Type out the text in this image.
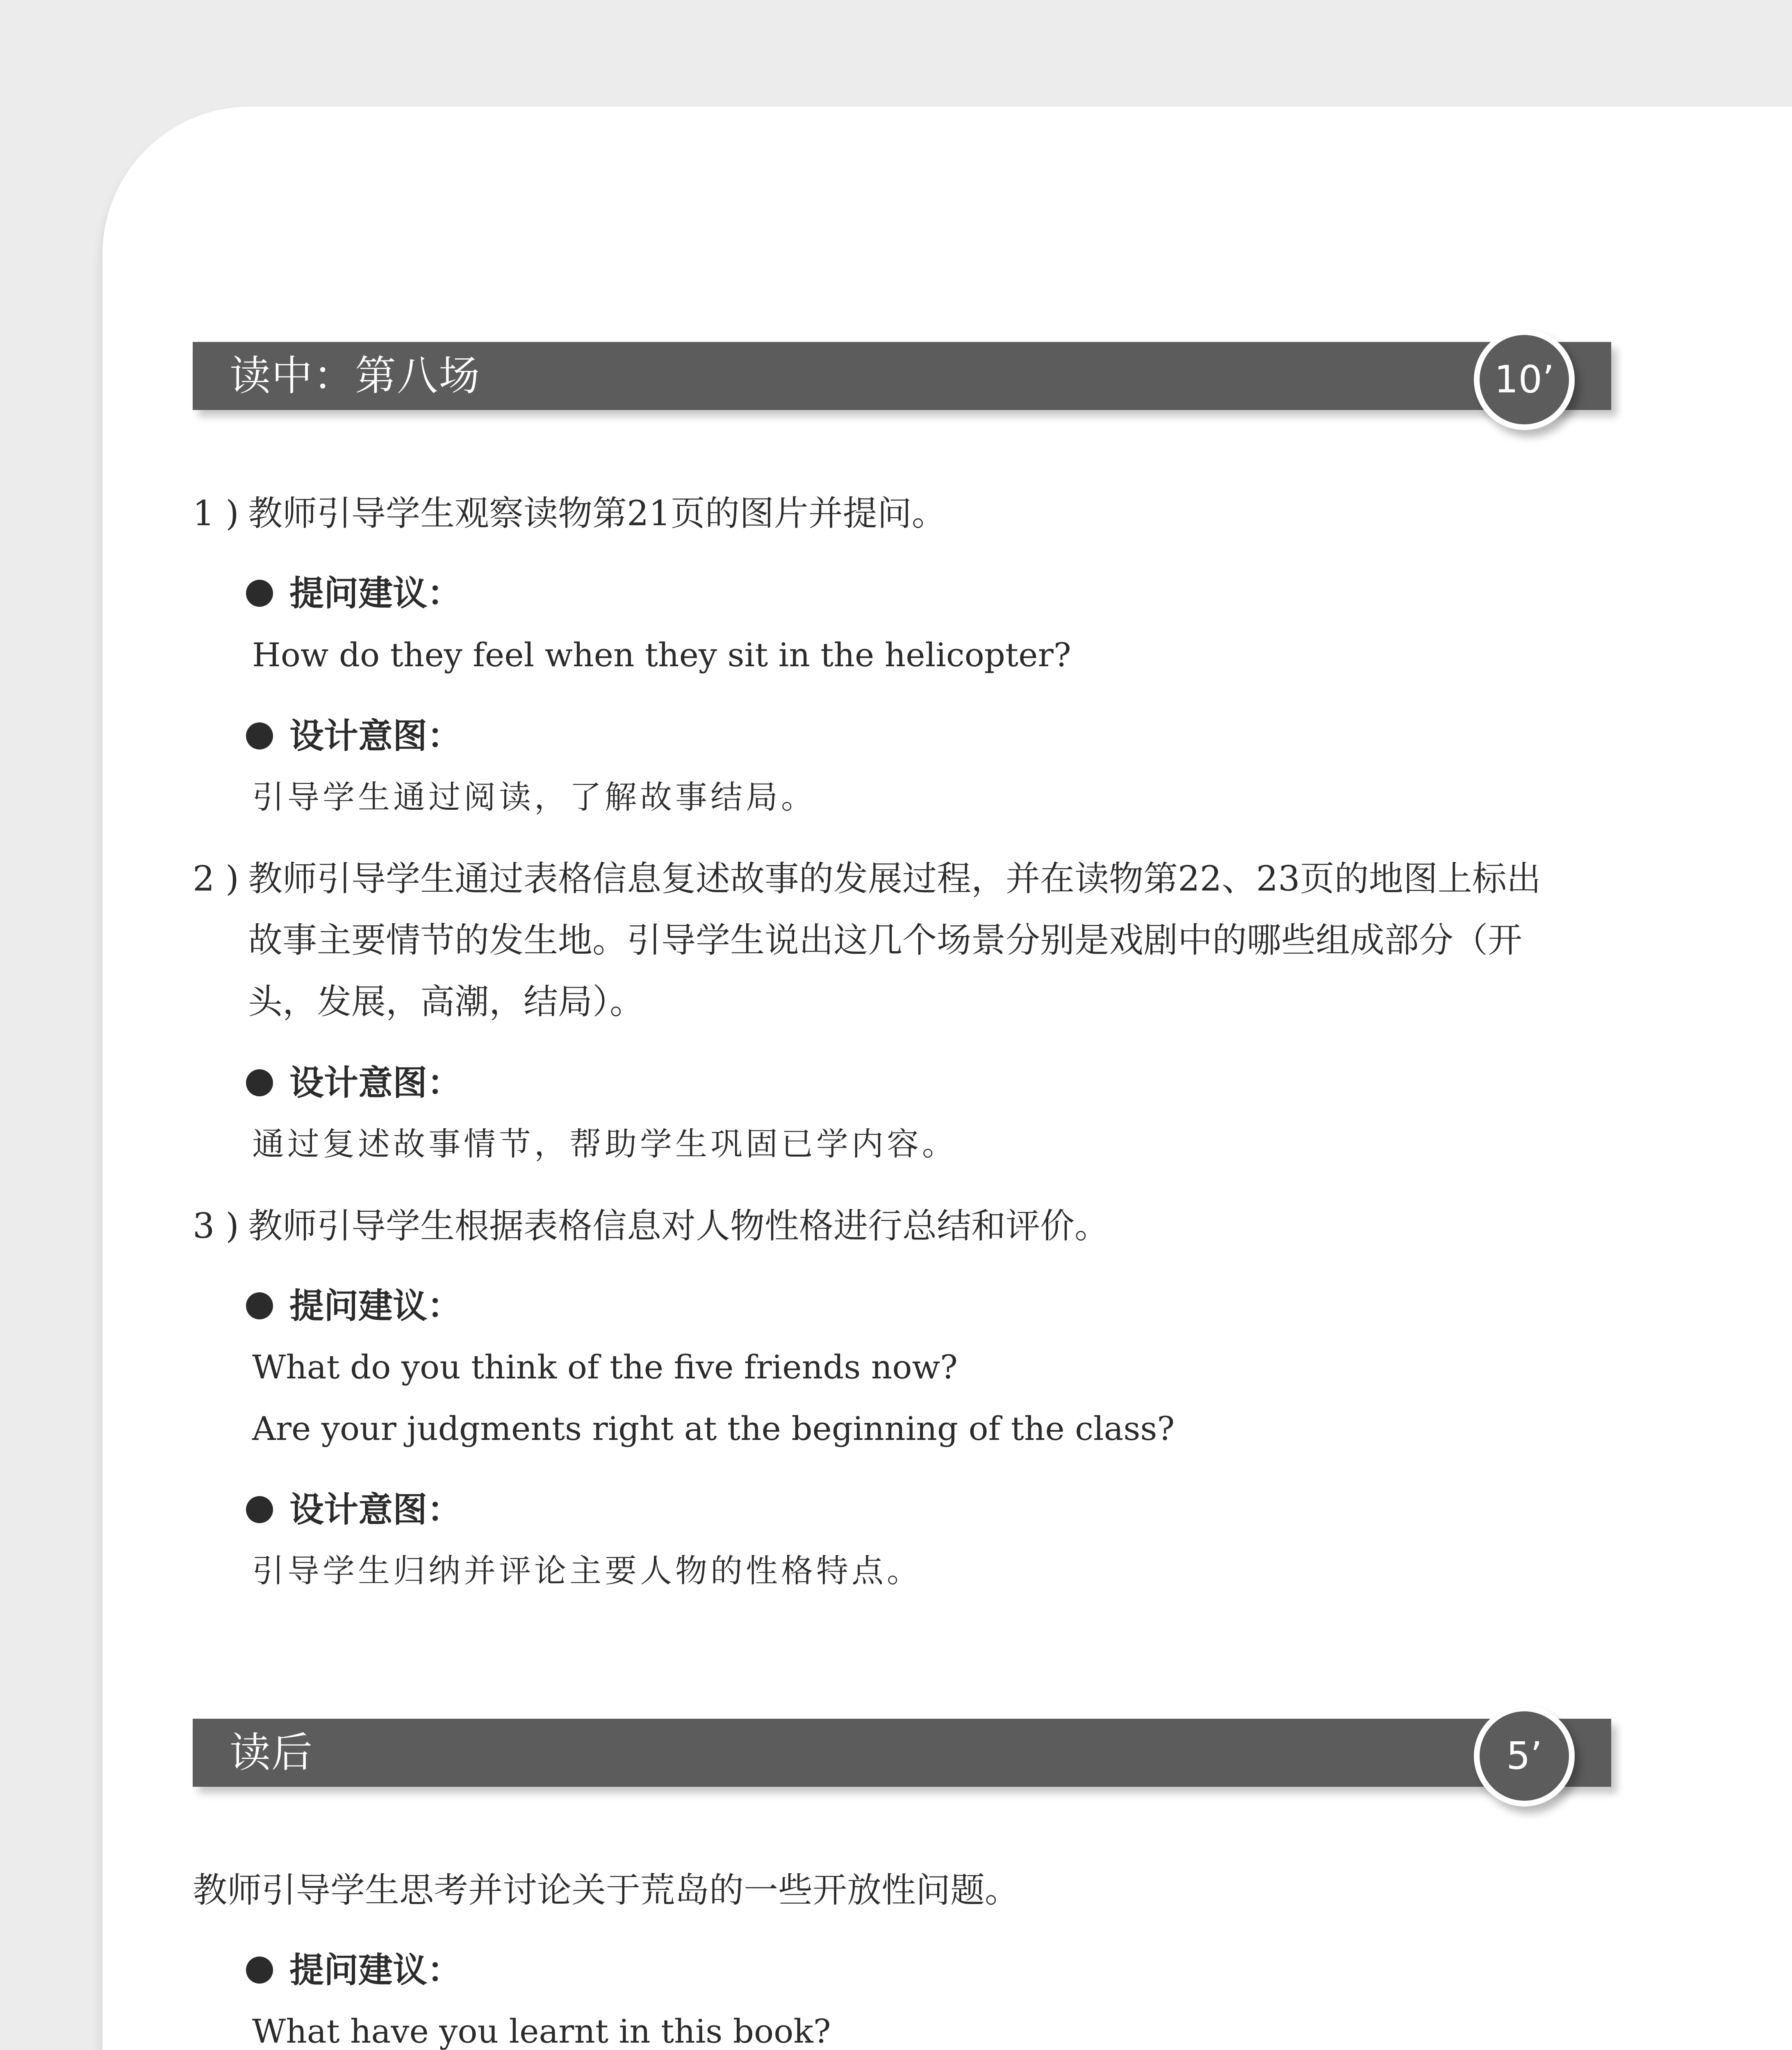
读中：第八场	10’
1 ) 教师引导学生观察读物第21页的图片并提问。
提问建议：
How do they feel when they sit in the helicopter?
设计意图：
引导学生通过阅读，了解故事结局。
2 ) 教师引导学生通过表格信息复述故事的发展过程，并在读物第22、23页的地图上标出
故事主要情节的发生地。引导学生说出这几个场景分别是戏剧中的哪些组成部分（开
头，发展，高潮，结局）。
设计意图：
通过复述故事情节，帮助学生巩固已学内容。
3 ) 教师引导学生根据表格信息对人物性格进行总结和评价。
提问建议：
What do you think of the five friends now?
Are your judgments right at the beginning of the class?
设计意图：
引导学生归纳并评论主要人物的性格特点。
读后	5’
教师引导学生思考并讨论关于荒岛的一些开放性问题。
提问建议：
What have you learnt in this book?
